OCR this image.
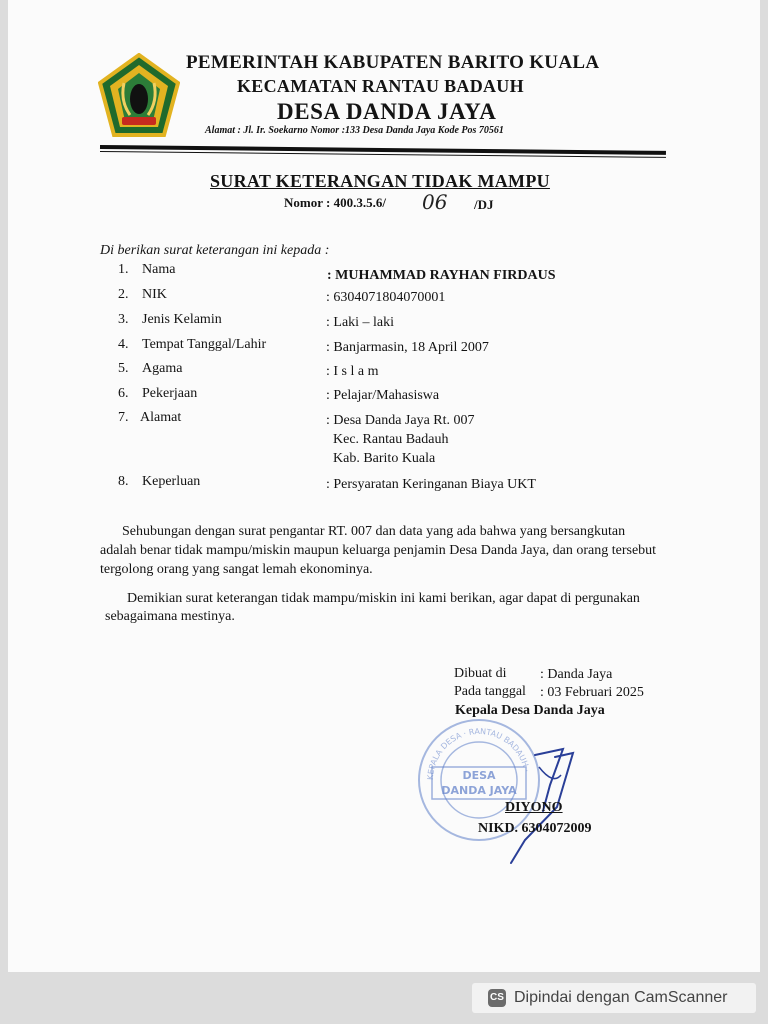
PEMERINTAH KABUPATEN BARITO KUALA
KECAMATAN RANTAU BADAUH
DESA DANDA JAYA
Alamat : Jl. Ir. Soekarno Nomor :133 Desa Danda Jaya Kode Pos 70561
SURAT KETERANGAN TIDAK MAMPU
Nomor : 400.3.5.6/ 06 /DJ
Di berikan surat keterangan ini kepada :
1. Nama	: MUHAMMAD RAYHAN FIRDAUS
2. NIK	: 6304071804070001
3. Jenis Kelamin	: Laki – laki
4. Tempat Tanggal/Lahir	: Banjarmasin, 18 April 2007
5. Agama	: I s l a m
6. Pekerjaan	: Pelajar/Mahasiswa
7. Alamat	: Desa Danda Jaya Rt. 007
Kec. Rantau Badauh
Kab. Barito Kuala
8. Keperluan	: Persyaratan Keringanan Biaya UKT
Sehubungan dengan surat pengantar RT. 007 dan data yang ada bahwa yang bersangkutan
adalah benar tidak mampu/miskin maupun keluarga penjamin Desa Danda Jaya, dan orang tersebut
tergolong orang yang sangat lemah ekonominya.
Demikian surat keterangan tidak mampu/miskin ini kami berikan, agar dapat di pergunakan
sebagaimana mestinya.
Dibuat di : Danda Jaya
Pada tanggal : 03 Februari 2025
Kepala Desa Danda Jaya
KEPALA DESA · RANTAU BADAUH ·
DESA
DANDA JAYA
DIYONO
NIKD. 6304072009
CS Dipindai dengan CamScanner
